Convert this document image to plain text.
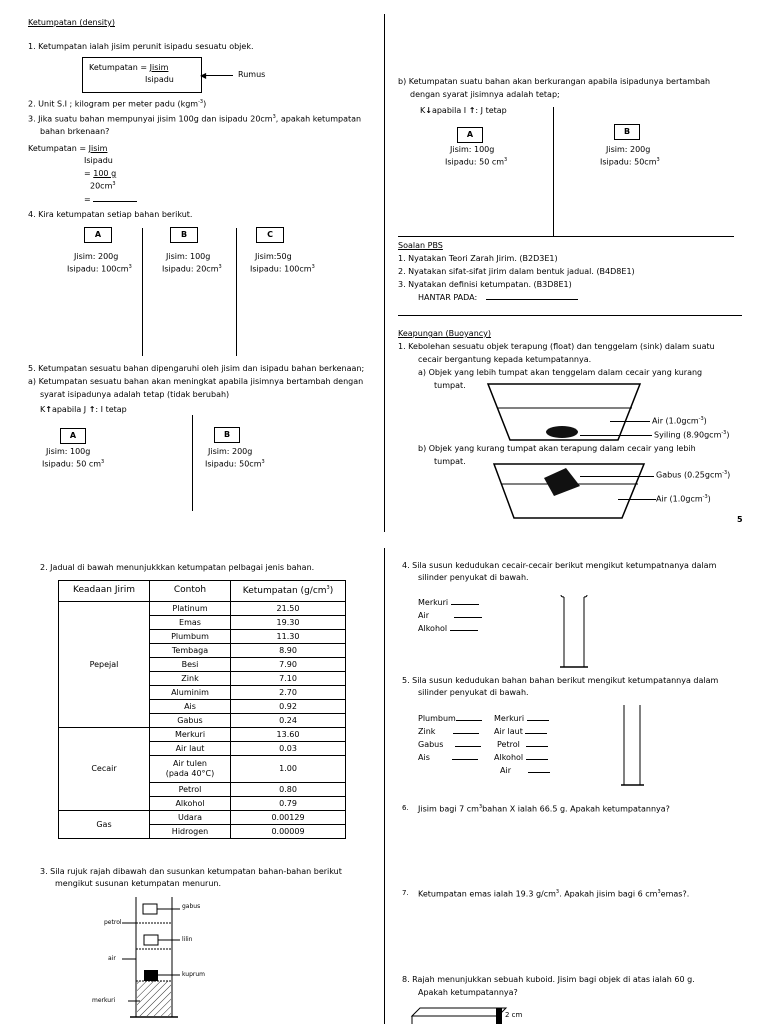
Ketumpatan (density)
1. Ketumpatan ialah jisim perunit isipadu sesuatu objek.
Ketumpatan = Jisim
Isipadu	◀	Rumus
2. Unit S.I ; kilogram per meter padu (kgm$^{-3}$)
3. Jika suatu bahan mempunyai jisim 100g dan isipadu $20cm^3$, apakah ketumpatan
bahan brkenaan?
Ketumpatan = Jisim
Isipadu
= 100 g
$20cm^3$
=
4. Kira ketumpatan setiap bahan berikut.
A	B	C
Jisim: 200g
Isipadu: $100cm^3$
Jisim: 100g
Isipadu: $20cm^3$
Jisim:50g
Isipadu: $100cm^3$
5. Ketumpatan sesuatu bahan dipengaruhi oleh jisim dan isipadu bahan berkenaan;
a) Ketumpatan sesuatu bahan akan meningkat apabila jisimnya bertambah dengan
syarat isipadunya adalah tetap (tidak berubah)
K↑apabila J ↑: I tetap
A	B
Jisim: 100g
Isipadu: 50 $cm^3$
Jisim: 200g
Isipadu: $50cm^3$
b) Ketumpatan suatu bahan akan berkurangan apabila isipadunya bertambah
dengan syarat jisimnya adalah tetap;
K↓apabila I ↑: J tetap
A	B
Jisim: 100g
Isipadu: 50 $cm^3$
Jisim: 200g
Isipadu: $50cm^3$
Soalan PBS
1. Nyatakan Teori Zarah Jirim. (B2D3E1)
2. Nyatakan sifat-sifat jirim dalam bentuk jadual. (B4D8E1)
3. Nyatakan definisi ketumpatan. (B3D8E1)
HANTAR PADA:
Keapungan (Buoyancy)
1. Kebolehan sesuatu objek terapung (float) dan tenggelam (sink) dalam suatu
cecair bergantung kepada ketumpatannya.
a) Objek yang lebih tumpat akan tenggelam dalam cecair yang kurang
tumpat.
Air (1.0gcm$^{-3}$)
Syiling (8.90gcm$^{-3}$)
b) Objek yang kurang tumpat akan terapung dalam cecair yang lebih
tumpat.
Gabus (0.25gcm$^{-3}$)
Air (1.0gcm$^{-3}$)
5
2. Jadual di bawah menunjukkkan ketumpatan pelbagai jenis bahan.
Keadaan Jirim	Contoh	Ketumpatan $(g/cm^3)$
Pepejal	Platinum	21.50
	Emas	19.30
	Plumbum	11.30
	Tembaga	8.90
	Besi	7.90
	Zink	7.10
	Aluminim	2.70
	Ais	0.92
	Gabus	0.24
Cecair	Merkuri	13.60
	Air laut	0.03
	Air tulen (pada 40°C)	1.00
	Petrol	0.80
	Alkohol	0.79
Gas	Udara	0.00129
	Hidrogen	0.00009
3. Sila rujuk rajah dibawah dan susunkan ketumpatan bahan-bahan berikut
mengikut susunan ketumpatan menurun.
gabus
petrol
lilin
air
kuprum
merkuri
4. Sila susun kedudukan cecair-cecair berikut mengikut ketumpatnanya dalam
silinder penyukat di bawah.
Merkuri
Air
Alkohol
5. Sila susun kedudukan bahan bahan berikut mengikut ketumpatannya dalam
silinder penyukat di bawah.
Plumbum
Zink
Gabus
Ais
Merkuri
Air laut
Petrol
Alkohol
Air
6. Jisim bagi 7 $cm^3bahan$ X ialah 66.5 g. Apakah ketumpatannya?
7. Ketumpatan emas ialah 19.3 $g/cm^3$. Apakah jisim bagi 6 $cm^3emas$?.
8. Rajah menunjukkan sebuah kuboid. Jisim bagi objek di atas ialah 60 g.
Apakah ketumpatannya?
2 cm
